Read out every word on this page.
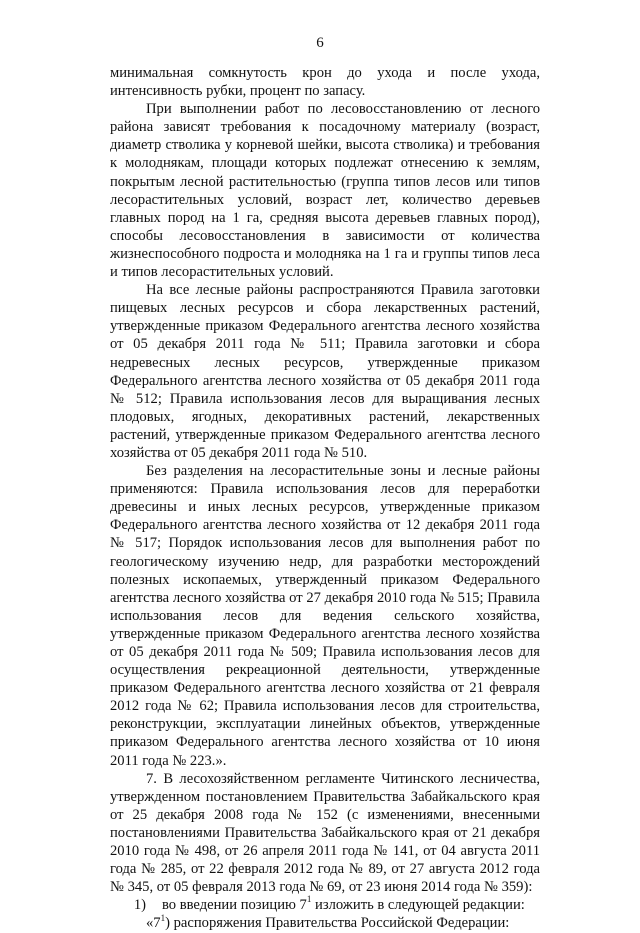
6

минимальная сомкнутость крон до ухода и после ухода, интенсивность рубки, процент по запасу.

При выполнении работ по лесовосстановлению от лесного района зависят требования к посадочному материалу (возраст, диаметр стволика у корневой шейки, высота стволика) и требования к молоднякам, площади которых подлежат отнесению к землям, покрытым лесной растительностью (группа типов лесов или типов лесорастительных условий, возраст лет, количество деревьев главных пород на 1 га, средняя высота деревьев главных пород), способы лесовосстановления в зависимости от количества жизнеспособного подроста и молодняка на 1 га и группы типов леса и типов лесорастительных условий.

На все лесные районы распространяются Правила заготовки пищевых лесных ресурсов и сбора лекарственных растений, утвержденные приказом Федерального агентства лесного хозяйства от 05 декабря 2011 года № 511; Правила заготовки и сбора недревесных лесных ресурсов, утвержденные приказом Федерального агентства лесного хозяйства от 05 декабря 2011 года № 512; Правила использования лесов для выращивания лесных плодовых, ягодных, декоративных растений, лекарственных растений, утвержденные приказом Федерального агентства лесного хозяйства от 05 декабря 2011 года № 510.

Без разделения на лесорастительные зоны и лесные районы применяются: Правила использования лесов для переработки древесины и иных лесных ресурсов, утвержденные приказом Федерального агентства лесного хозяйства от 12 декабря 2011 года № 517; Порядок использования лесов для выполнения работ по геологическому изучению недр, для разработки месторождений полезных ископаемых, утвержденный приказом Федерального агентства лесного хозяйства от 27 декабря 2010 года № 515; Правила использования лесов для ведения сельского хозяйства, утвержденные приказом Федерального агентства лесного хозяйства от 05 декабря 2011 года № 509; Правила использования лесов для осуществления рекреационной деятельности, утвержденные приказом Федерального агентства лесного хозяйства от 21 февраля 2012 года № 62; Правила использования лесов для строительства, реконструкции, эксплуатации линейных объектов, утвержденные приказом Федерального агентства лесного хозяйства от 10 июня 2011 года № 223.».

7. В лесохозяйственном регламенте Читинского лесничества, утвержденном постановлением Правительства Забайкальского края от 25 декабря 2008 года № 152 (с изменениями, внесенными постановлениями Правительства Забайкальского края от 21 декабря 2010 года № 498, от 26 апреля 2011 года № 141, от 04 августа 2011 года № 285, от 22 февраля 2012 года № 89, от 27 августа 2012 года № 345, от 05 февраля 2013 года № 69, от 23 июня 2014 года № 359):

1) во введении позицию $7^1$ изложить в следующей редакции:

«$7^1$) распоряжения Правительства Российской Федерации:
